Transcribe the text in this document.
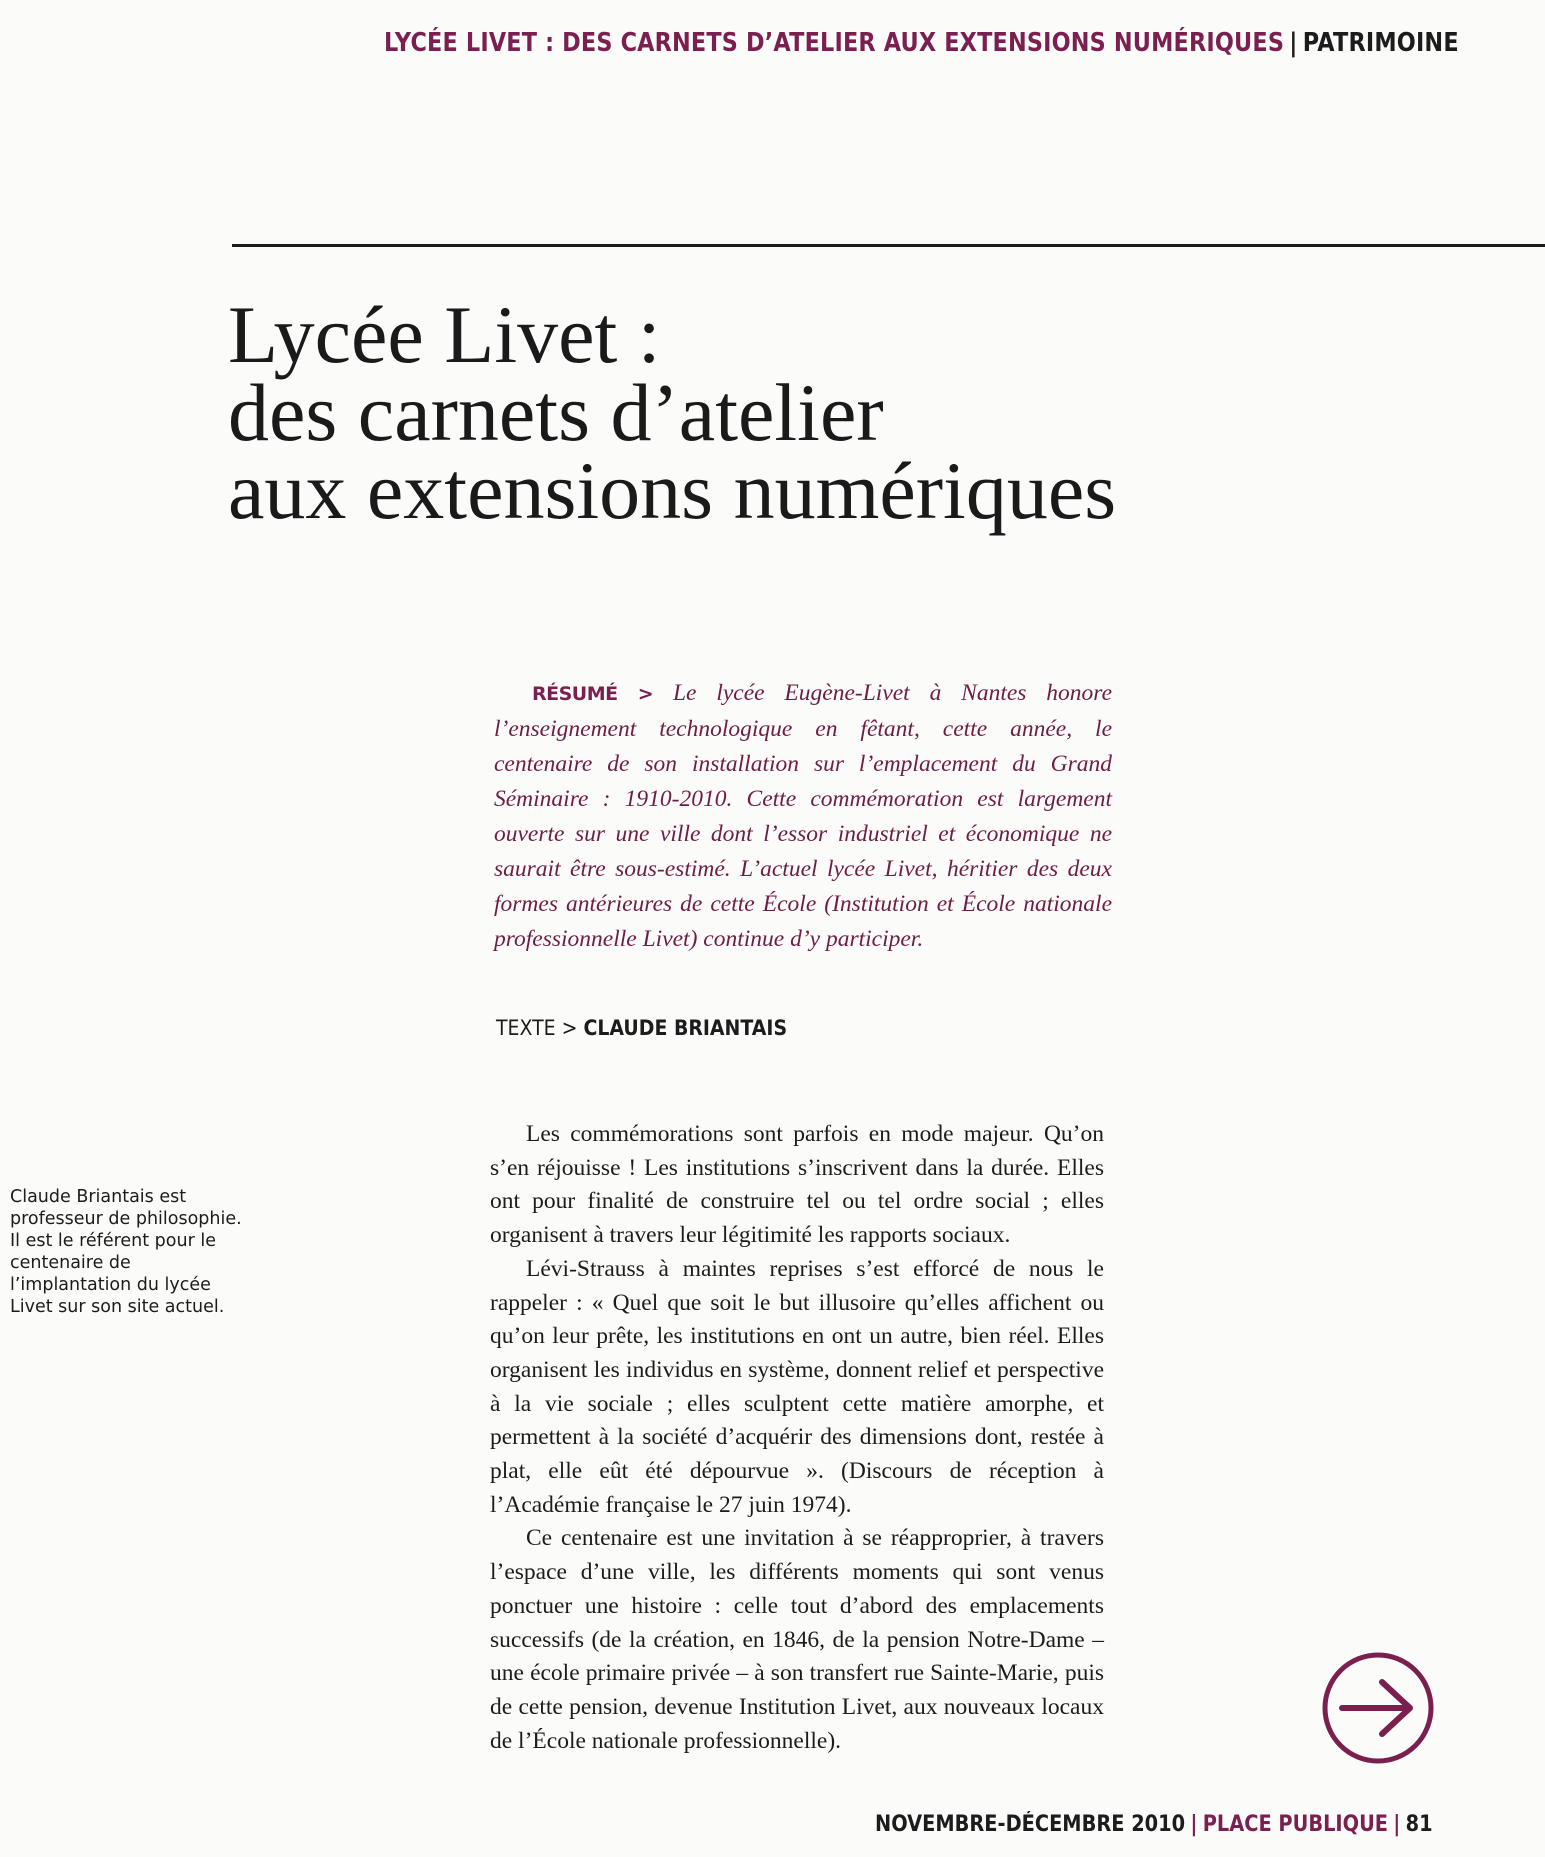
LYCÉE LIVET : DES CARNETS D’ATELIER AUX EXTENSIONS NUMÉRIQUES | PATRIMOINE
Lycée Livet :
des carnets d’atelier
aux extensions numériques

RÉSUMÉ > Le lycée Eugène-Livet à Nantes honore l’enseignement technologique en fêtant, cette année, le centenaire de son installation sur l’emplacement du Grand Séminaire : 1910-2010. Cette commémoration est largement ouverte sur une ville dont l’essor industriel et économique ne saurait être sous-estimé. L’actuel lycée Livet, héritier des deux formes antérieures de cette École (Institution et École nationale professionnelle Livet) continue d’y participer.

TEXTE > CLAUDE BRIANTAIS

Claude Briantais est professeur de philosophie. Il est le référent pour le centenaire de l’implantation du lycée Livet sur son site actuel.

Les commémorations sont parfois en mode majeur. Qu’on s’en réjouisse ! Les institutions s’inscrivent dans la durée. Elles ont pour finalité de construire tel ou tel ordre social ; elles organisent à travers leur légitimité les rapports sociaux.

Lévi-Strauss à maintes reprises s’est efforcé de nous le rappeler : « Quel que soit le but illusoire qu’elles affichent ou qu’on leur prête, les institutions en ont un autre, bien réel. Elles organisent les individus en système, donnent relief et perspective à la vie sociale ; elles sculptent cette matière amorphe, et permettent à la société d’acquérir des dimensions dont, restée à plat, elle eût été dépourvue ». (Discours de réception à l’Académie française le 27 juin 1974).

Ce centenaire est une invitation à se réapproprier, à travers l’espace d’une ville, les différents moments qui sont venus ponctuer une histoire : celle tout d’abord des emplacements successifs (de la création, en 1846, de la pension Notre-Dame – une école primaire privée – à son transfert rue Sainte-Marie, puis de cette pension, devenue Institution Livet, aux nouveaux locaux de l’École nationale professionnelle).

NOVEMBRE-DÉCEMBRE 2010 | PLACE PUBLIQUE | 81
